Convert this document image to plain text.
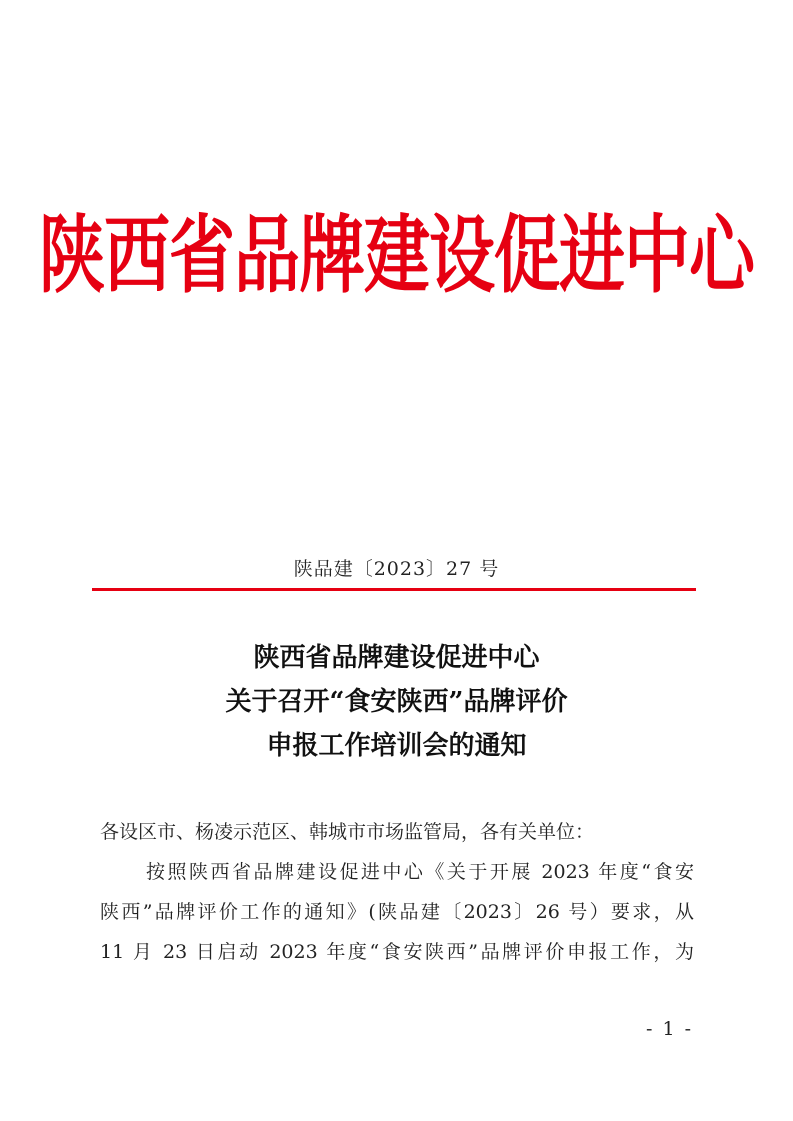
陕西省品牌建设促进中心
陕品建〔2023〕27 号
陕西省品牌建设促进中心
关于召开“食安陕西”品牌评价
申报工作培训会的通知

各设区市、杨凌示范区、韩城市市场监管局，各有关单位：

按照陕西省品牌建设促进中心《关于开展 2023 年度“食安

陕西”品牌评价工作的通知》(陕品建〔2023〕26 号）要求，从

11 月 23 日启动 2023 年度“食安陕西”品牌评价申报工作，为

- 1 -
